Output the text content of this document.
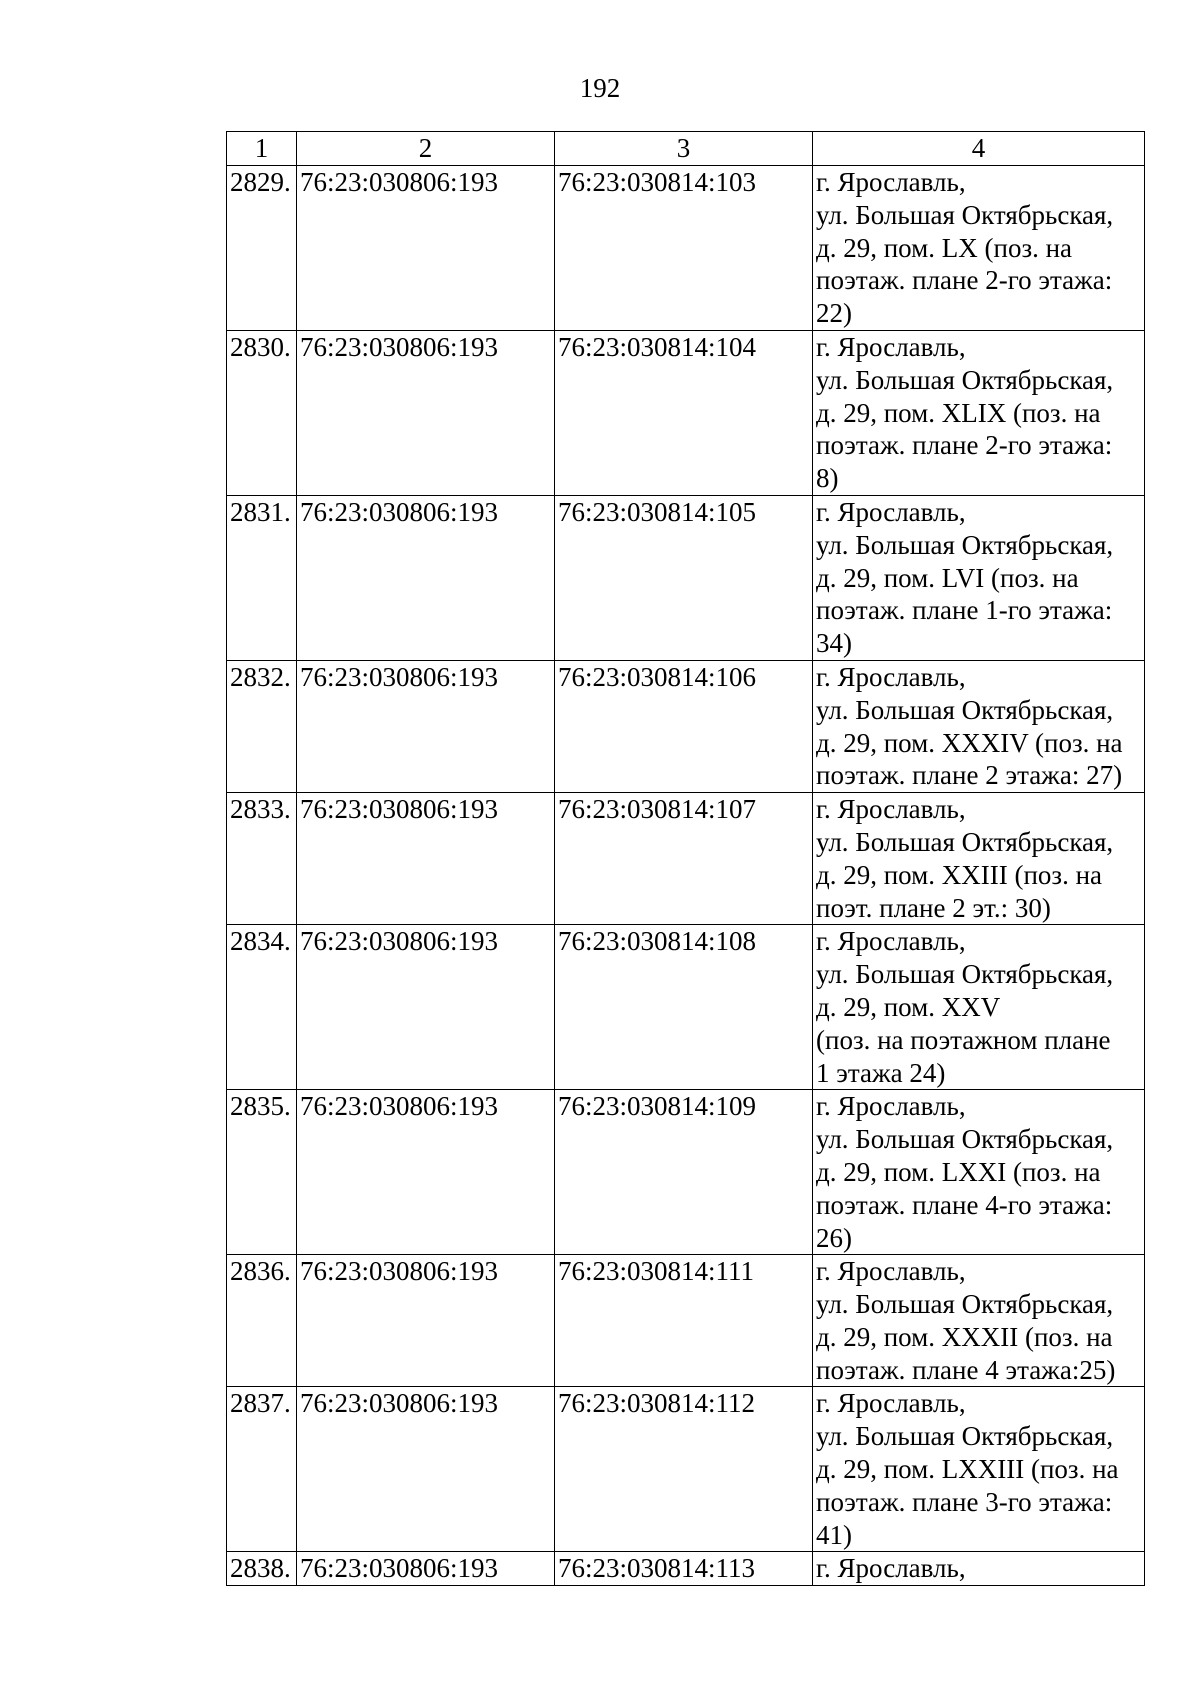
192
1	2	3	4
2829.	76:23:030806:193	76:23:030814:103	г. Ярославль,
ул. Большая Октябрьская,
д. 29, пом. LX (поз. на
поэтаж. плане 2-го этажа:
22)

2830.	76:23:030806:193	76:23:030814:104	г. Ярославль,
ул. Большая Октябрьская,
д. 29, пом. XLIX (поз. на
поэтаж. плане 2-го этажа:
8)

2831.	76:23:030806:193	76:23:030814:105	г. Ярославль,
ул. Большая Октябрьская,
д. 29, пом. LVI (поз. на
поэтаж. плане 1-го этажа:
34)

2832.	76:23:030806:193	76:23:030814:106	г. Ярославль,
ул. Большая Октябрьская,
д. 29, пом. XXXIV (поз. на
поэтаж. плане 2 этажа: 27)

2833.	76:23:030806:193	76:23:030814:107	г. Ярославль,
ул. Большая Октябрьская,
д. 29, пом. XXIII (поз. на
поэт. плане 2 эт.: 30)

2834.	76:23:030806:193	76:23:030814:108	г. Ярославль,
ул. Большая Октябрьская,
д. 29, пом. XXV
(поз. на поэтажном плане
1 этажа 24)

2835.	76:23:030806:193	76:23:030814:109	г. Ярославль,
ул. Большая Октябрьская,
д. 29, пом. LXXI (поз. на
поэтаж. плане 4-го этажа:
26)

2836.	76:23:030806:193	76:23:030814:111	г. Ярославль,
ул. Большая Октябрьская,
д. 29, пом. XXXII (поз. на
поэтаж. плане 4 этажа:25)

2837.	76:23:030806:193	76:23:030814:112	г. Ярославль,
ул. Большая Октябрьская,
д. 29, пом. LXXIII (поз. на
поэтаж. плане 3-го этажа:
41)

2838.	76:23:030806:193	76:23:030814:113	г. Ярославль,
